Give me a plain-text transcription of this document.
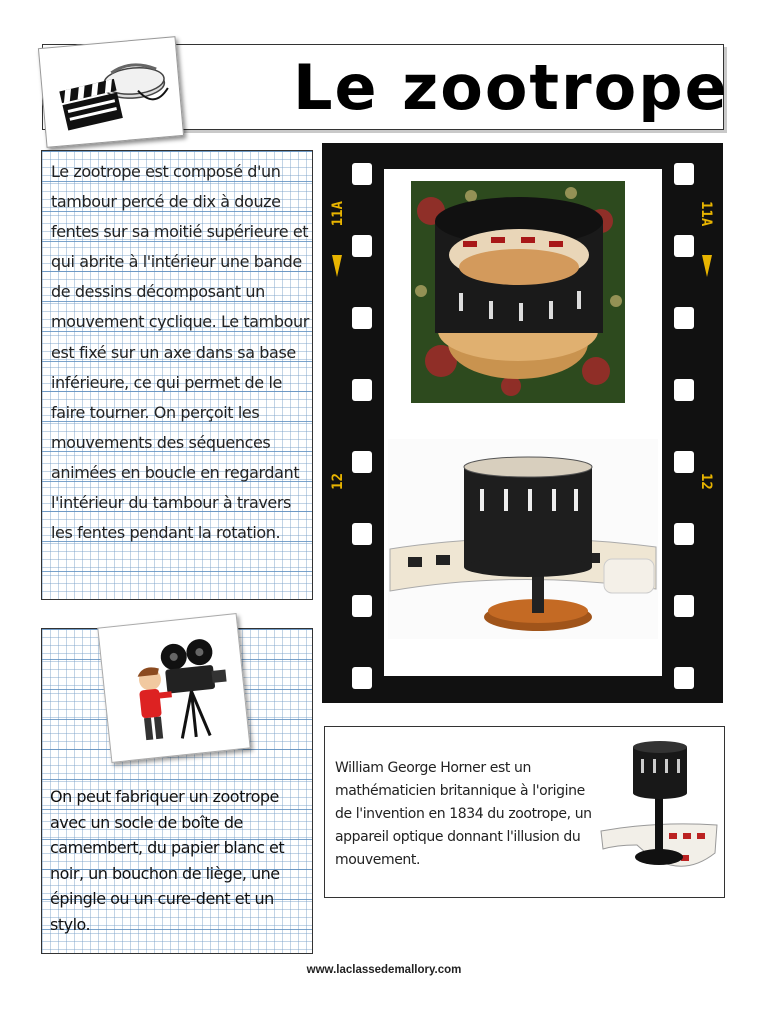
Le zootrope
Le zootrope est composé d'un tambour percé de dix à douze fentes sur sa moitié supérieure et qui abrite à l'intérieur une bande de dessins décomposant un mouvement cyclique. Le tambour est fixé sur un axe dans sa base inférieure, ce qui permet de le faire tourner. On perçoit les mouvements des séquences animées en boucle en regardant l'intérieur du tambour à travers les fentes pendant la rotation.
On peut fabriquer un zootrope avec un socle de boîte de camembert, du papier blanc et noir, un bouchon de liège, une épingle ou un cure-dent et un stylo.
11A	11A
12	12
William George Horner est un mathématicien britannique à l'origine de l'invention en 1834 du zootrope, un appareil optique donnant l'illusion du mouvement.
www.laclassedemallory.com
